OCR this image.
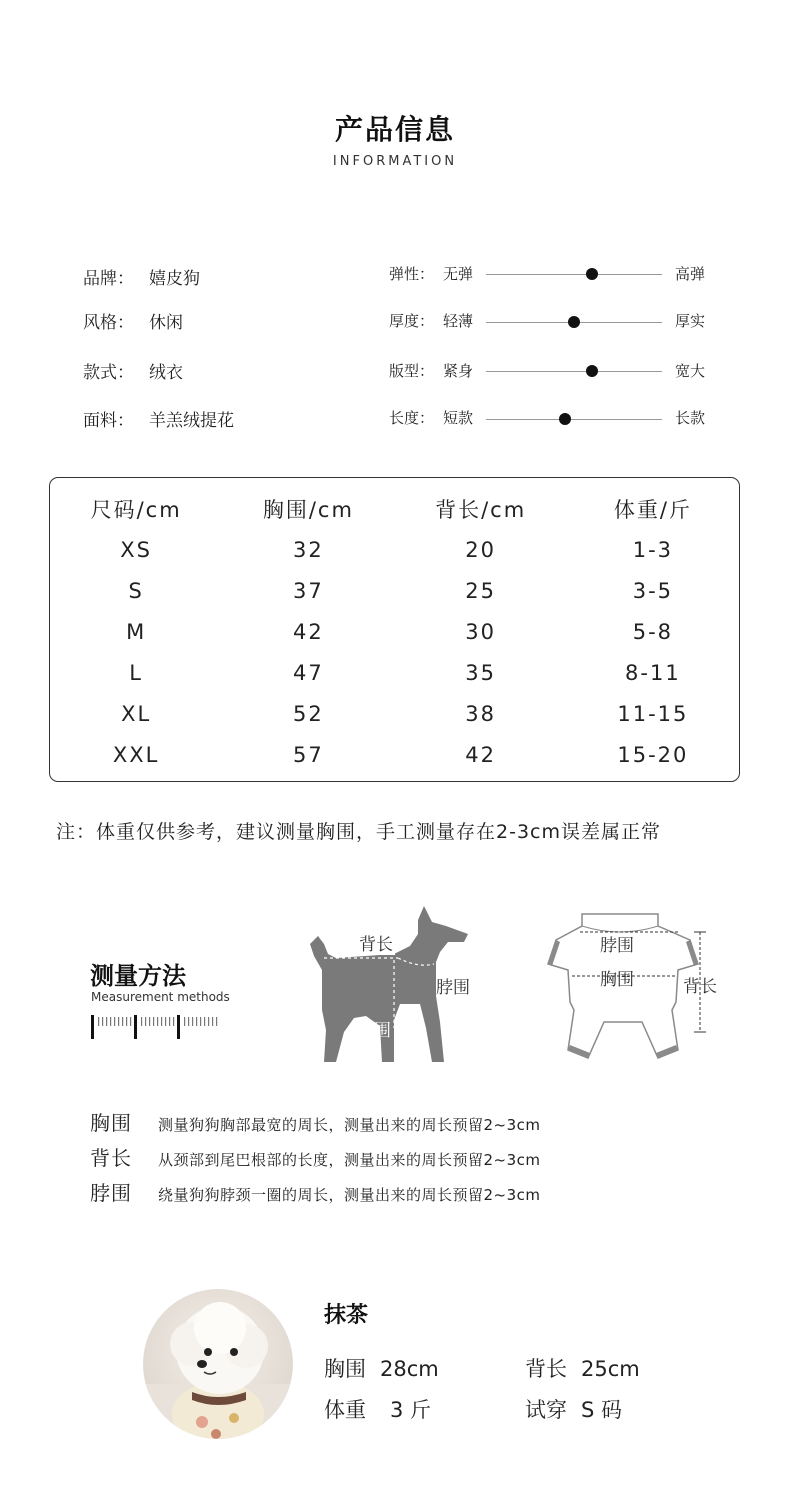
产品信息
INFORMATION
品牌： 嬉皮狗
风格： 休闲
款式： 绒衣
面料： 羊羔绒提花
弹性： 无弹	高弹
厚度： 轻薄	厚实
版型： 紧身	宽大
长度： 短款	长款
尺码/cm	胸围/cm	背长/cm	体重/斤
XS	32	20	1-3
S	37	25	3-5
M	42	30	5-8
L	47	35	8-11
XL	52	38	11-15
XXL	57	42	15-20
注：体重仅供参考，建议测量胸围，手工测量存在2-3cm误差属正常
测量方法
Measurement methods
背长
脖围
胸围
脖围
胸围	背长
胸围 测量狗狗胸部最宽的周长，测量出来的周长预留2~3cm
背长 从颈部到尾巴根部的长度，测量出来的周长预留2~3cm
脖围 绕量狗狗脖颈一圈的周长，测量出来的周长预留2~3cm
抹茶
胸围 28cm	背长 25cm
体重 3 斤	试穿 S 码
